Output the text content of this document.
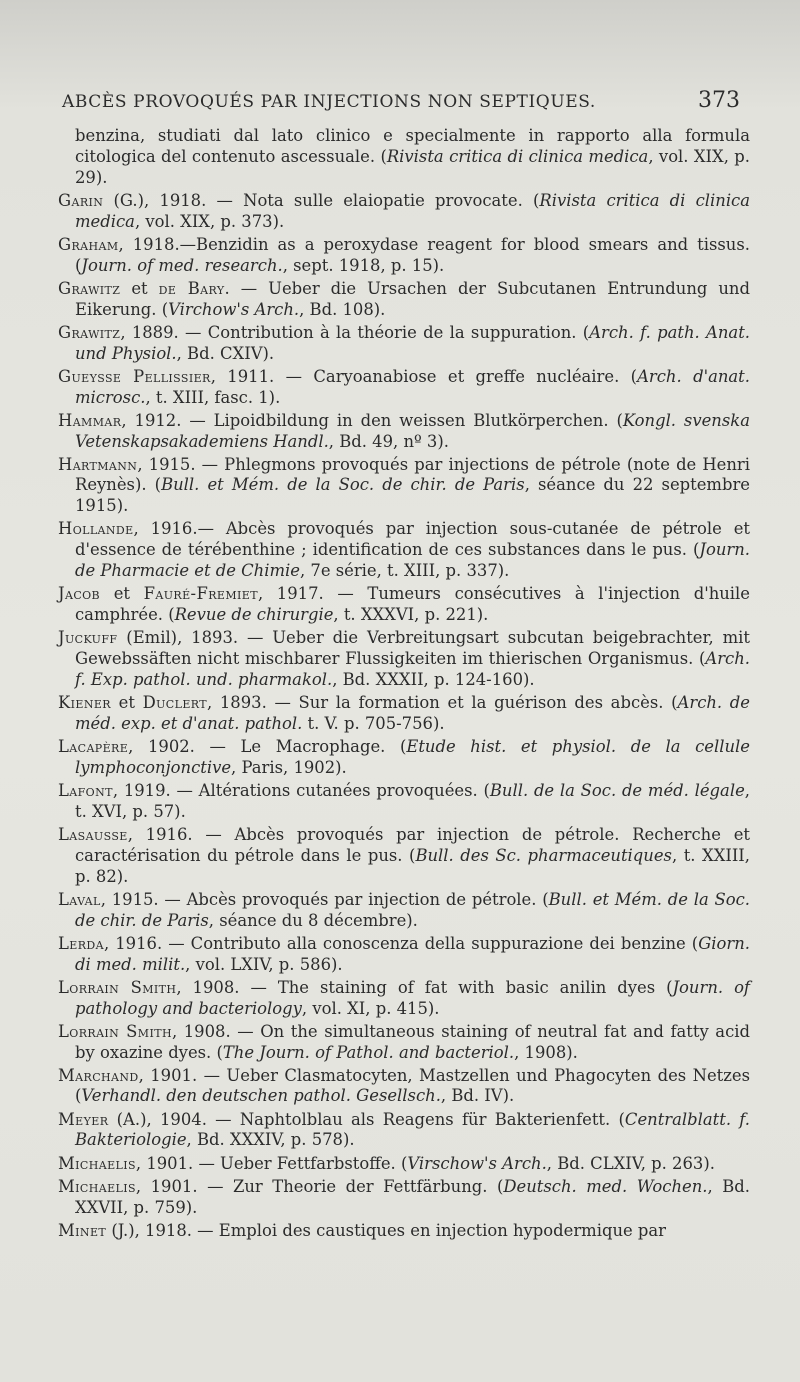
ABCÈS PROVOQUÉS PAR INJECTIONS NON SEPTIQUES.	373

benzina, studiati dal lato clinico e specialmente in rapporto alla formula citologica del contenuto ascessuale. (Rivista critica di clinica medica, vol. XIX, p. 29).

Garin (G.), 1918. — Nota sulle elaiopatie provocate. (Rivista critica di clinica medica, vol. XIX, p. 373).

Graham, 1918.—Benzidin as a peroxydase reagent for blood smears and tissus. (Journ. of med. research., sept. 1918, p. 15).

Grawitz et de Bary. — Ueber die Ursachen der Subcutanen Entrundung und Eikerung. (Virchow's Arch., Bd. 108).

Grawitz, 1889. — Contribution à la théorie de la suppuration. (Arch. f. path. Anat. und Physiol., Bd. CXIV).

Gueysse Pellissier, 1911. — Caryoanabiose et greffe nucléaire. (Arch. d'anat. microsc., t. XIII, fasc. 1).

Hammar, 1912. — Lipoidbildung in den weissen Blutkörperchen. (Kongl. svenska Vetenskapsakademiens Handl., Bd. 49, nº 3).

Hartmann, 1915. — Phlegmons provoqués par injections de pétrole (note de Henri Reynès). (Bull. et Mém. de la Soc. de chir. de Paris, séance du 22 septembre 1915).

Hollande, 1916.— Abcès provoqués par injection sous-cutanée de pétrole et d'essence de térébenthine ; identification de ces substances dans le pus. (Journ. de Pharmacie et de Chimie, 7e série, t. XIII, p. 337).

Jacob et Fauré-Fremiet, 1917. — Tumeurs consécutives à l'injection d'huile camphrée. (Revue de chirurgie, t. XXXVI, p. 221).

Juckuff (Emil), 1893. — Ueber die Verbreitungsart subcutan beigebrachter, mit Gewebssäften nicht mischbarer Flussigkeiten im thierischen Organismus. (Arch. f. Exp. pathol. und. pharmakol., Bd. XXXII, p. 124-160).

Kiener et Duclert, 1893. — Sur la formation et la guérison des abcès. (Arch. de méd. exp. et d'anat. pathol. t. V. p. 705-756).

Lacapère, 1902. — Le Macrophage. (Etude hist. et physiol. de la cellule lymphoconjonctive, Paris, 1902).

Lafont, 1919. — Altérations cutanées provoquées. (Bull. de la Soc. de méd. légale, t. XVI, p. 57).

Lasausse, 1916. — Abcès provoqués par injection de pétrole. Recherche et caractérisation du pétrole dans le pus. (Bull. des Sc. pharmaceutiques, t. XXIII, p. 82).

Laval, 1915. — Abcès provoqués par injection de pétrole. (Bull. et Mém. de la Soc. de chir. de Paris, séance du 8 décembre).

Lerda, 1916. — Contributo alla conoscenza della suppurazione dei benzine (Giorn. di med. milit., vol. LXIV, p. 586).

Lorrain Smith, 1908. — The staining of fat with basic anilin dyes (Journ. of pathology and bacteriology, vol. XI, p. 415).

Lorrain Smith, 1908. — On the simultaneous staining of neutral fat and fatty acid by oxazine dyes. (The Journ. of Pathol. and bacteriol., 1908).

Marchand, 1901. — Ueber Clasmatocyten, Mastzellen und Phagocyten des Netzes (Verhandl. den deutschen pathol. Gesellsch., Bd. IV).

Meyer (A.), 1904. — Naphtolblau als Reagens für Bakterienfett. (Centralblatt. f. Bakteriologie, Bd. XXXIV, p. 578).

Michaelis, 1901. — Ueber Fettfarbstoffe. (Virschow's Arch., Bd. CLXIV, p. 263).

Michaelis, 1901. — Zur Theorie der Fettfärbung. (Deutsch. med. Wochen., Bd. XXVII, p. 759).

Minet (J.), 1918. — Emploi des caustiques en injection hypodermique par
